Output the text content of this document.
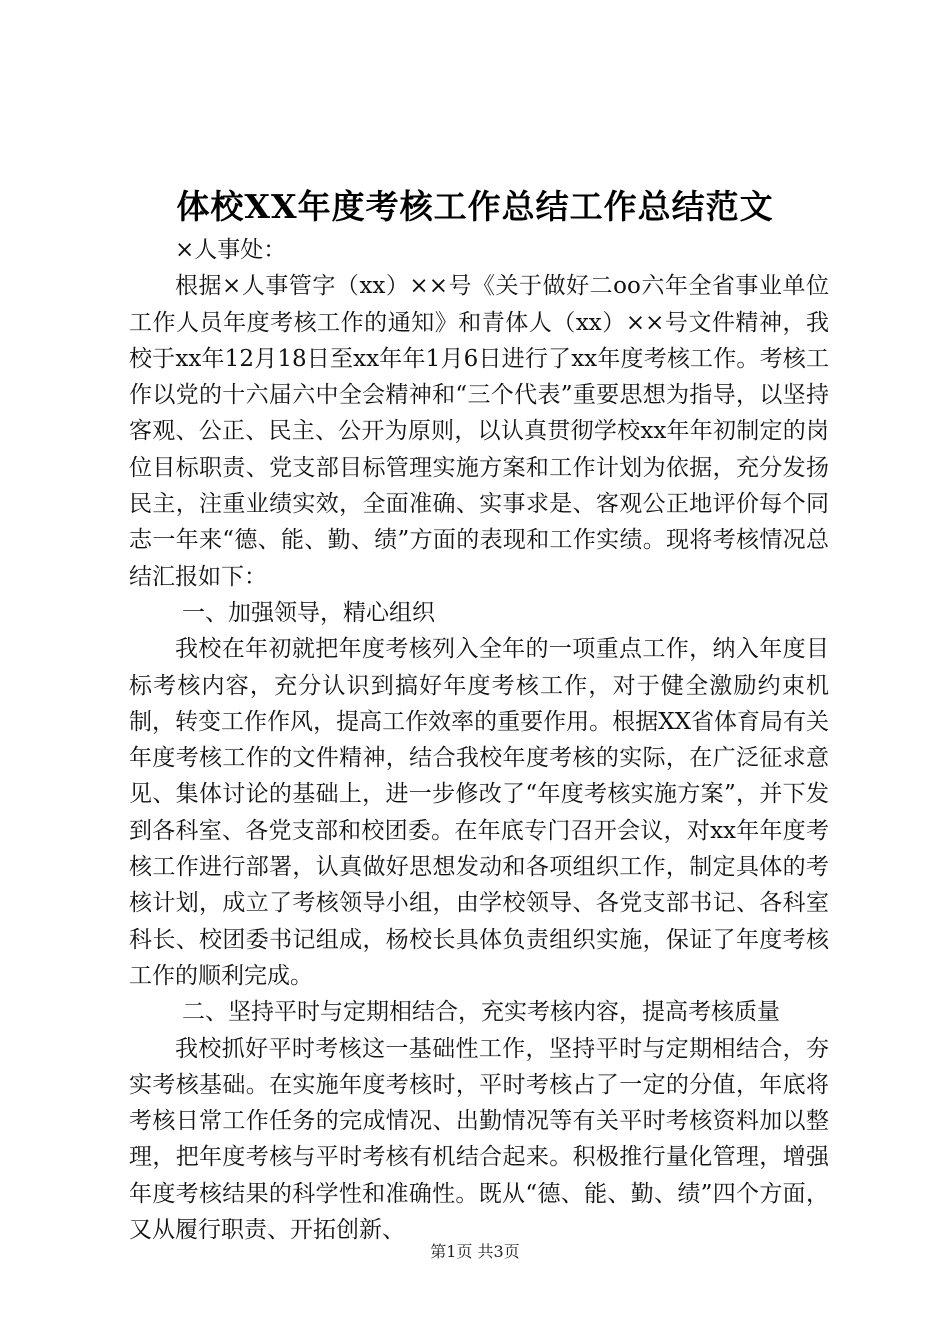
体校XX年度考核工作总结工作总结范文

×人事处：

根据×人事管字（xx）××号《关于做好二oo六年全省事业单位工作人员年度考核工作的通知》和青体人（xx）××号文件精神，我校于xx年12月18日至xx年年1月6日进行了xx年度考核工作。考核工作以党的十六届六中全会精神和“三个代表”重要思想为指导，以坚持客观、公正、民主、公开为原则，以认真贯彻学校xx年年初制定的岗位目标职责、党支部目标管理实施方案和工作计划为依据，充分发扬民主，注重业绩实效，全面准确、实事求是、客观公正地评价每个同志一年来“德、能、勤、绩”方面的表现和工作实绩。现将考核情况总结汇报如下：

一、加强领导，精心组织

我校在年初就把年度考核列入全年的一项重点工作，纳入年度目标考核内容，充分认识到搞好年度考核工作，对于健全激励约束机制，转变工作作风，提高工作效率的重要作用。根据XX省体育局有关年度考核工作的文件精神，结合我校年度考核的实际，在广泛征求意见、集体讨论的基础上，进一步修改了“年度考核实施方案”，并下发到各科室、各党支部和校团委。在年底专门召开会议，对xx年年度考核工作进行部署，认真做好思想发动和各项组织工作，制定具体的考核计划，成立了考核领导小组，由学校领导、各党支部书记、各科室科长、校团委书记组成，杨校长具体负责组织实施，保证了年度考核工作的顺利完成。

二、坚持平时与定期相结合，充实考核内容，提高考核质量

我校抓好平时考核这一基础性工作，坚持平时与定期相结合，夯实考核基础。在实施年度考核时，平时考核占了一定的分值，年底将考核日常工作任务的完成情况、出勤情况等有关平时考核资料加以整理，把年度考核与平时考核有机结合起来。积极推行量化管理，增强年度考核结果的科学性和准确性。既从“德、能、勤、绩”四个方面，又从履行职责、开拓创新、

第1页 共3页
